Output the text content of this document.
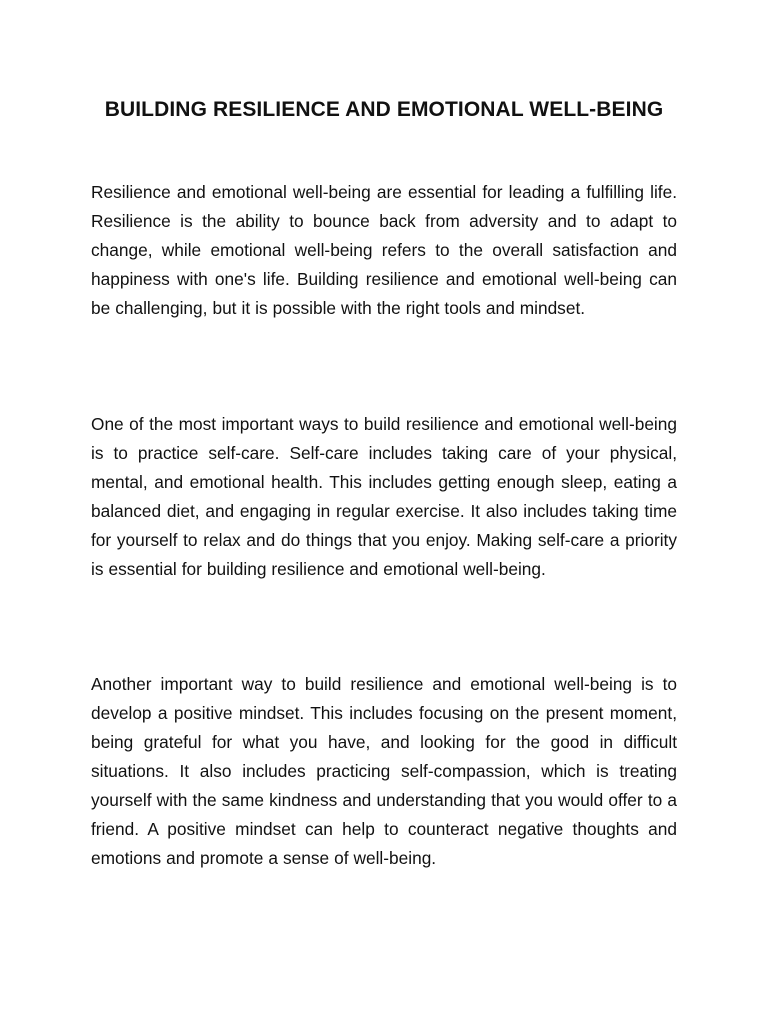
BUILDING RESILIENCE AND EMOTIONAL WELL-BEING

Resilience and emotional well-being are essential for leading a fulfilling life. Resilience is the ability to bounce back from adversity and to adapt to change, while emotional well-being refers to the overall satisfaction and happiness with one's life. Building resilience and emotional well-being can be challenging, but it is possible with the right tools and mindset.

One of the most important ways to build resilience and emotional well-being is to practice self-care. Self-care includes taking care of your physical, mental, and emotional health. This includes getting enough sleep, eating a balanced diet, and engaging in regular exercise. It also includes taking time for yourself to relax and do things that you enjoy. Making self-care a priority is essential for building resilience and emotional well-being.

Another important way to build resilience and emotional well-being is to develop a positive mindset. This includes focusing on the present moment, being grateful for what you have, and looking for the good in difficult situations. It also includes practicing self-compassion, which is treating yourself with the same kindness and understanding that you would offer to a friend. A positive mindset can help to counteract negative thoughts and emotions and promote a sense of well-being.
